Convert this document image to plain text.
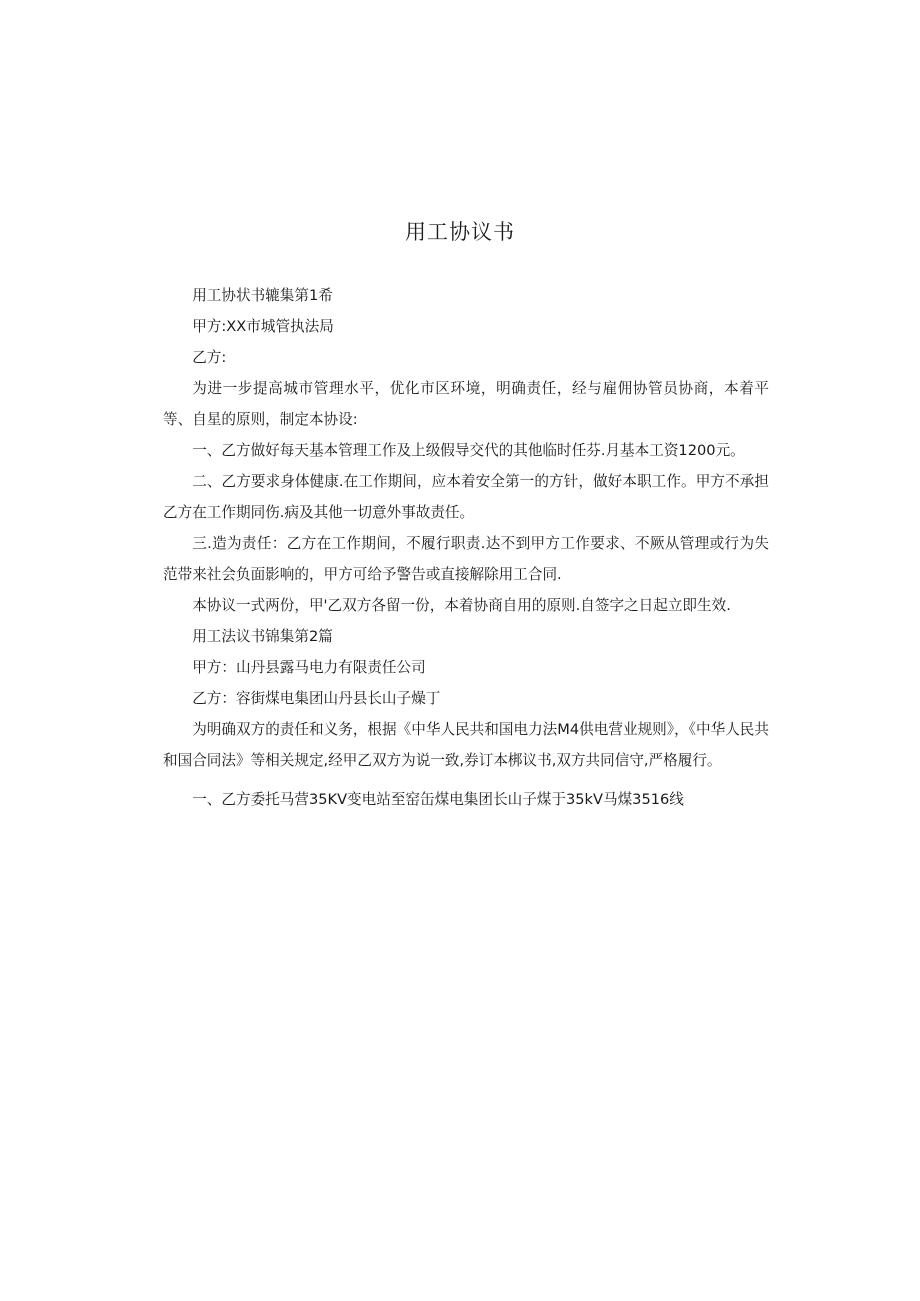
用工协议书

用工协状书辘集第1希

甲方:XX市城管执法局

乙方:

为进一步提高城市管理水平，优化市区环境，明确责任，经与雇佣协管员协商，本着平等、自星的原则，制定本协设:

一、乙方做好每天基本管理工作及上级假导交代的其他临时任芬.月基本工资1200元。

二、乙方要求身体健康.在工作期间，应本着安全第一的方针，做好本职工作。甲方不承担乙方在工作期同伤.病及其他一切意外事故责任。

三.造为责任：乙方在工作期间，不履行职责.达不到甲方工作要求、不厥从管理或行为失范带来社会负面影响的，甲方可给予警告或直接解除用工合同.

本协议一式两份，甲'乙双方各留一份，本着协商自用的原则.自签字之日起立即生效.

用工法议书锦集第2篇

甲方：山丹县露马电力有限责任公司

乙方：容街煤电集团山丹县长山子燥丁

为明确双方的责任和义务，根据《中华人民共和国电力法M4供电营业规则》，《中华人民共和国合同法》等相关规定,经甲乙双方为说一致,券订本梆议书,双方共同信守,严格履行。

一、乙方委托马营35KV变电站至窑缶煤电集团长山子煤于35kV马煤3516线
